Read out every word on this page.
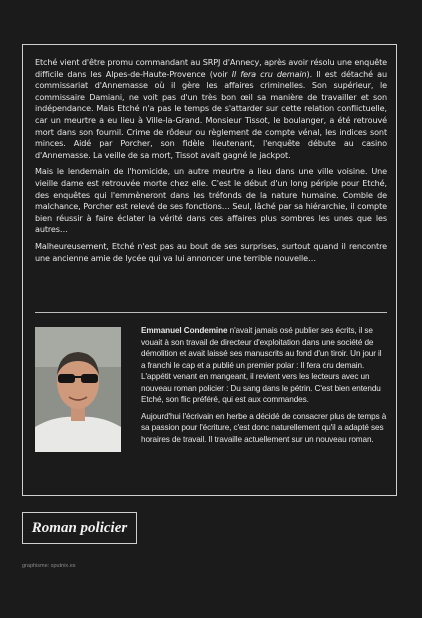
Etché vient d'être promu commandant au SRPJ d'Annecy, après avoir résolu une enquête difficile dans les Alpes-de-Haute-Provence (voir Il fera cru demain). Il est détaché au commissariat d'Annemasse où il gère les affaires criminelles. Son supérieur, le commissaire Damiani, ne voit pas d'un très bon œil sa manière de travailler et son indépendance. Mais Etché n'a pas le temps de s'attarder sur cette relation conflictuelle, car un meurtre a eu lieu à Ville-la-Grand. Monsieur Tissot, le boulanger, a été retrouvé mort dans son fournil. Crime de rôdeur ou règlement de compte vénal, les indices sont minces. Aidé par Porcher, son fidèle lieutenant, l'enquête débute au casino d'Annemasse. La veille de sa mort, Tissot avait gagné le jackpot.

Mais le lendemain de l'homicide, un autre meurtre a lieu dans une ville voisine. Une vieille dame est retrouvée morte chez elle. C'est le début d'un long périple pour Etché, des enquêtes qui l'emmèneront dans les tréfonds de la nature humaine. Comble de malchance, Porcher est relevé de ses fonctions… Seul, lâché par sa hiérarchie, il compte bien réussir à faire éclater la vérité dans ces affaires plus sombres les unes que les autres…

Malheureusement, Etché n'est pas au bout de ses surprises, surtout quand il rencontre une ancienne amie de lycée qui va lui annoncer une terrible nouvelle…

Emmanuel Condemine n'avait jamais osé publier ses écrits, il se vouait à son travail de directeur d'exploitation dans une société de démolition et avait laissé ses manuscrits au fond d'un tiroir. Un jour il a franchi le cap et a publié un premier polar : Il fera cru demain. L'appétit venant en mangeant, il revient vers les lecteurs avec un nouveau roman policier : Du sang dans le pétrin. C'est bien entendu Etché, son flic préféré, qui est aux commandes.

Aujourd'hui l'écrivain en herbe a décidé de consacrer plus de temps à sa passion pour l'écriture, c'est donc naturellement qu'il a adapté ses horaires de travail. Il travaille actuellement sur un nouveau roman.

Roman policier
graphisme: sputnix.es
